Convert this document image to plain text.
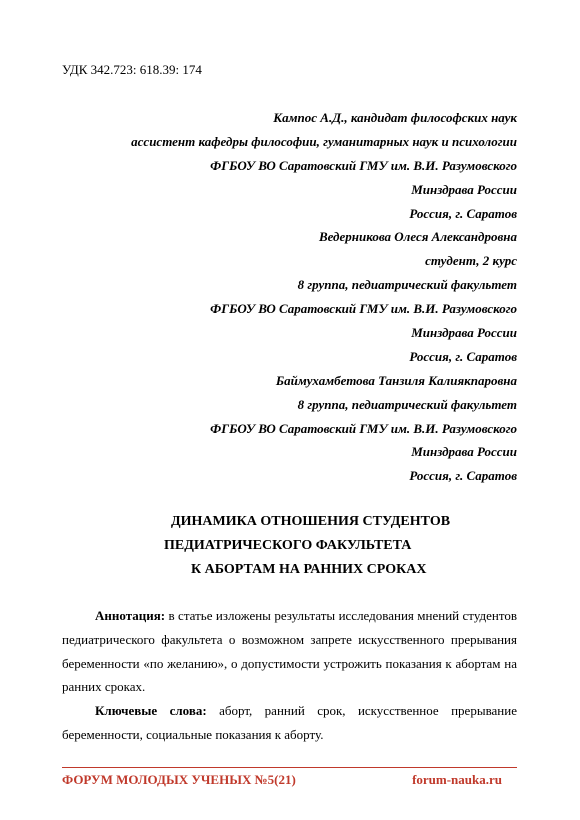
УДК 342.723: 618.39: 174
Кампос А.Д., кандидат философских наук
ассистент кафедры философии, гуманитарных наук и психологии
ФГБОУ ВО Саратовский ГМУ им. В.И. Разумовского
Минздрава России
Россия, г. Саратов
Ведерникова Олеся Александровна
студент, 2 курс
8 группа, педиатрический факультет
ФГБОУ ВО Саратовский ГМУ им. В.И. Разумовского
Минздрава России
Россия, г. Саратов
Баймухамбетова Танзиля Калиякпаровна
8 группа, педиатрический факультет
ФГБОУ ВО Саратовский ГМУ им. В.И. Разумовского
Минздрава России
Россия, г. Саратов
ДИНАМИКА ОТНОШЕНИЯ СТУДЕНТОВ
ПЕДИАТРИЧЕСКОГО ФАКУЛЬТЕТА
К АБОРТАМ НА РАННИХ СРОКАХ

Аннотация: в статье изложены результаты исследования мнений студентов педиатрического факультета о возможном запрете искусственного прерывания беременности «по желанию», о допустимости устрожить показания к абортам на ранних сроках.

Ключевые слова: аборт, ранний срок, искусственное прерывание беременности, социальные показания к аборту.

ФОРУМ МОЛОДЫХ УЧЕНЫХ №5(21)	forum-nauka.ru
